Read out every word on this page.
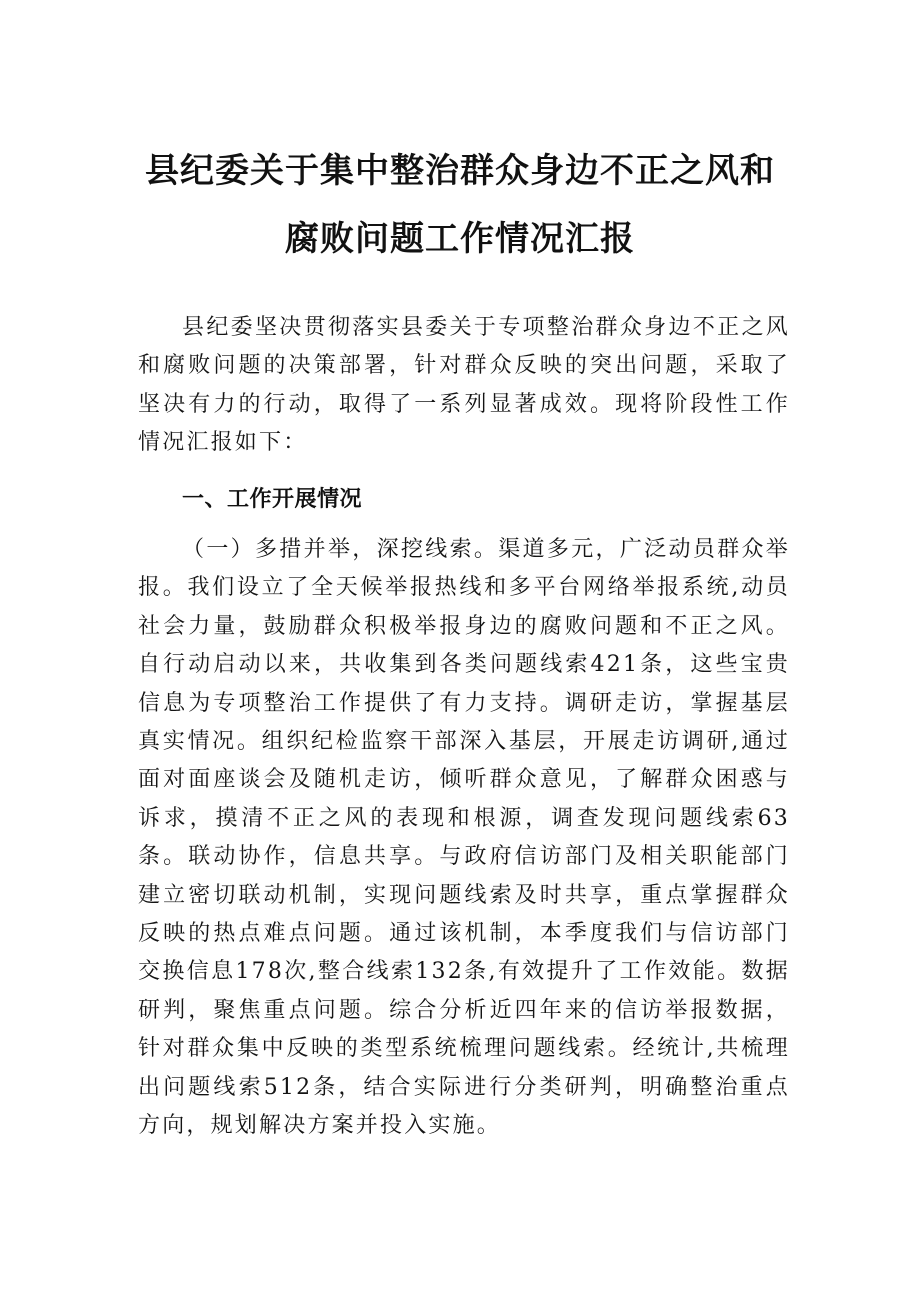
县纪委关于集中整治群众身边不正之风和
腐败问题工作情况汇报

县纪委坚决贯彻落实县委关于专项整治群众身边不正之风和腐败问题的决策部署，针对群众反映的突出问题，采取了坚决有力的行动，取得了一系列显著成效。现将阶段性工作情况汇报如下：

一、工作开展情况

（一）多措并举，深挖线索。渠道多元，广泛动员群众举报。我们设立了全天候举报热线和多平台网络举报系统,动员社会力量，鼓励群众积极举报身边的腐败问题和不正之风。自行动启动以来，共收集到各类问题线索421条，这些宝贵信息为专项整治工作提供了有力支持。调研走访，掌握基层真实情况。组织纪检监察干部深入基层，开展走访调研,通过面对面座谈会及随机走访，倾听群众意见，了解群众困惑与诉求，摸清不正之风的表现和根源，调查发现问题线索63条。联动协作，信息共享。与政府信访部门及相关职能部门建立密切联动机制，实现问题线索及时共享，重点掌握群众反映的热点难点问题。通过该机制，本季度我们与信访部门交换信息178次,整合线索132条,有效提升了工作效能。数据研判，聚焦重点问题。综合分析近四年来的信访举报数据，针对群众集中反映的类型系统梳理问题线索。经统计,共梳理出问题线索512条，结合实际进行分类研判，明确整治重点方向，规划解决方案并投入实施。
